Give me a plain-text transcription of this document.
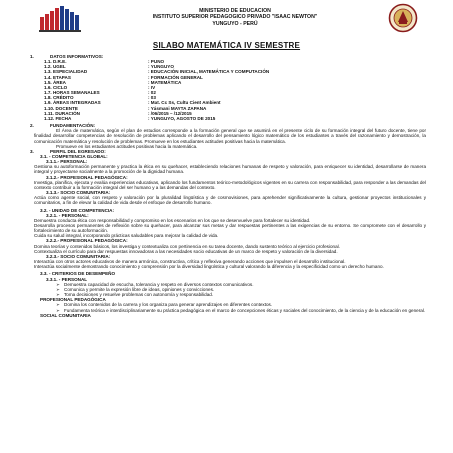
MINISTERIO DE EDUCACION
INSTITUTO SUPERIOR PEDAGOGICO PRIVADO "ISAAC NEWTON"
YUNGUYO - PERÚ
SILABO MATEMÁTICA IV SEMESTRE
1.	DATOS INFORMATIVOS:
1.1. D.R.E.	: PUNO
1.2. UGEL	: YUNGUYO
1.3. ESPECIALIDAD	: EDUCACIÓN INICIAL, MATEMÁTICA Y COMPUTACIÓN
1.4. ETAPAS	: FORMACIÓN GENERAL
1.5. ÁREA	: MATEMÁTICA
1.6. CICLO	: IV
1.7. HORAS SEMANALES	: 02
1.8. CRÉDITO	: 03
1.9. ÁREAS INTEGRADAS	: Mat. Cc Ss, Cultu Cient Ambient
1.10. DOCENTE	: Yásmani MAYTA ZAPANA
1.11. DURACIÓN	: /06/2015 – /12/2015
1.12. FECHA	: YUNGUYO, AGOSTO DE 2015
2.	FUNDAMENTACIÓN:
El Área de matemática, según el plan de estudios corresponde a la formación general que se asumirá en el presente ciclo de su formación integral del futuro docente, tiene por finalidad desarrollar competencias de resolución de problemas aplicando el desarrollo del pensamiento lógico matemático de los estudiantes a través del razonamiento y demostración, la comunicación matemática y resolución de problemas. Promueve en los estudiantes actitudes positivas hacia la matemática.
Promueve en los estudiantes actitudes positivas hacia la matemática.
3.	PERFIL DEL EGRESADO:
3.1. - COMPETENCIA GLOBAL:
3.1.1.- PERSONAL:
Gestiona su autoformación permanente y practica la ética en su quehacer, estableciendo relaciones humanas de respeto y valoración, para enriquecer su identidad, desarrollarse de manera integral y proyectarse socialmente a la promoción de la dignidad humana.
3.1.2.- PROFESIONAL PEDAGÓGICA:
Investiga, planifica, ejecuta y evalúa experiencias educativas, aplicando los fundamentos teórico-metodológicos vigentes en su carrera con responsabilidad, para responder a las demandas del contexto contribuir a la formación integral del ser humano y a las demandas del contexto.
3.1.3.- SOCIO COMUNITARIA:
Actúa como agente social, con respeto y valoración por la pluralidad lingüística y de cosmovisiones, para aprehender significativamente la cultura, gestionar proyectos institucionales y comunitarios, a fin de elevar la calidad de vida desde el enfoque de desarrollo humano.
3.2. - UNIDAD DE COMPETENCIA:
3.2.1. - PERSONAL:
Demuestra conducta ética con responsabilidad y compromiso en los escenarios en los que se desenvuelve para fortalecer su identidad.
Desarrolla procesos permanentes de reflexión sobre su quehacer, para alcanzar sus metas y dar respuestas pertinentes a las exigencias de su entorno. Se compromete con el desarrollo y fortalecimiento de su autoformación.
Cuida su salud integral, incorporando prácticas saludables para mejorar la calidad de vida.
3.2.2.- PROFESIONAL PEDAGÓGICA:
Domina teorías y contenidos básicos, los investiga y contextualiza con pertinencia en su tarea docente, dando sustento teórico al ejercicio profesional.
Contextualiza el currículo para dar respuestas innovadoras a las necesidades socio educativas de un marco de respeto y valoración de la diversidad.
3.2.3.- SOCIO COMUNITARIA:
Interactúa con otros actores educativos de manera armónica, constructiva, crítica y reflexiva generando acciones que impulsen el desarrollo institucional.
Interactúa socialmente demostrando conocimiento y comprensión por la diversidad lingüística y cultural valorando la diferencia y la especificidad como un derecho humano.
3.3. - CRITERIOS DE DESEMPEÑO
3.3.1. - PERSONAL
➢ Demuestra capacidad de escucha, tolerancia y respeto en diversos contextos comunicativos.
➢ Comunica y permite la expresión libre de ideas, opiniones y convicciones.
➢ Toma decisiones y resuelve problemas con autonomía y responsabilidad.
PROFESIONAL PEDAGÓGICA
➢ Domina los contenidos de la carrera y los organiza para generar aprendizajes en diferentes contextos.
➢ Fundamenta teórica e interdisciplinariamente su práctica pedagógica en el marco de concepciones éticas y sociales del conocimiento, de la ciencia y de la educación en general.
SOCIAL COMUNITARIA
